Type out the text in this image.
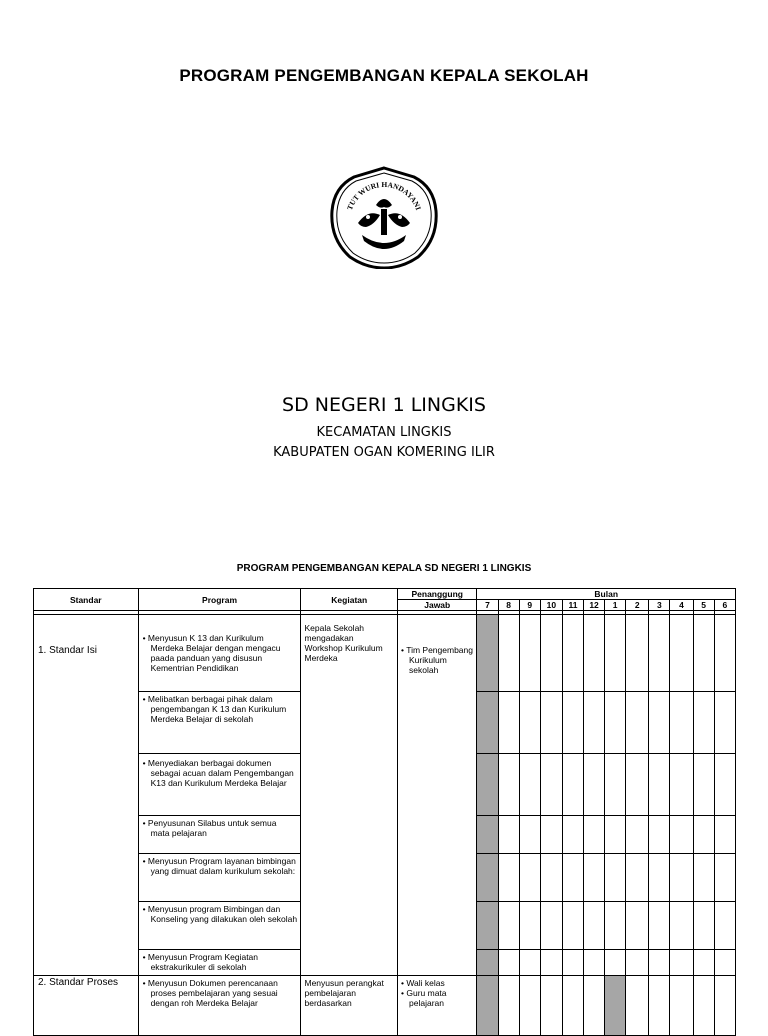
PROGRAM PENGEMBANGAN KEPALA SEKOLAH
TUT WURI HANDAYANI
SD NEGERI 1 LINGKIS
KECAMATAN LINGKIS
KABUPATEN OGAN KOMERING ILIR
PROGRAM PENGEMBANGAN KEPALA SD NEGERI 1 LINGKIS
Standar	Program	Kegiatan	Penanggung	Bulan											
			Jawab	7	8	9	10	11	12	1	2	3	4	5	6

1. Standar Isi	• Menyusun K 13 dan Kurikulum Merdeka Belajar dengan mengacu paada panduan yang disusun Kementrian Pendidikan	Kepala Sekolah mengadakan Workshop Kurikulum Merdeka	• Tim Pengembang Kurikulum sekolah												

	• Melibatkan berbagai pihak dalam pengembangan K 13 dan Kurikulum Merdeka Belajar di sekolah														

	• Menyediakan berbagai dokumen sebagai acuan dalam Pengembangan K13 dan Kurikulum Merdeka Belajar														

	• Penyusunan Silabus untuk semua mata pelajaran														

	• Menyusun Program layanan bimbingan yang dimuat dalam kurikulum sekolah:														

	• Menyusun program Bimbingan dan Konseling yang dilakukan oleh sekolah														

	• Menyusun Program Kegiatan ekstrakurikuler di sekolah														

2. Standar Proses	• Menyusun Dokumen perencanaan proses pembelajaran yang sesuai dengan roh Merdeka Belajar	Menyusun perangkat pembelajaran berdasarkan	• Wali kelas
• Guru mata pelajaran												
